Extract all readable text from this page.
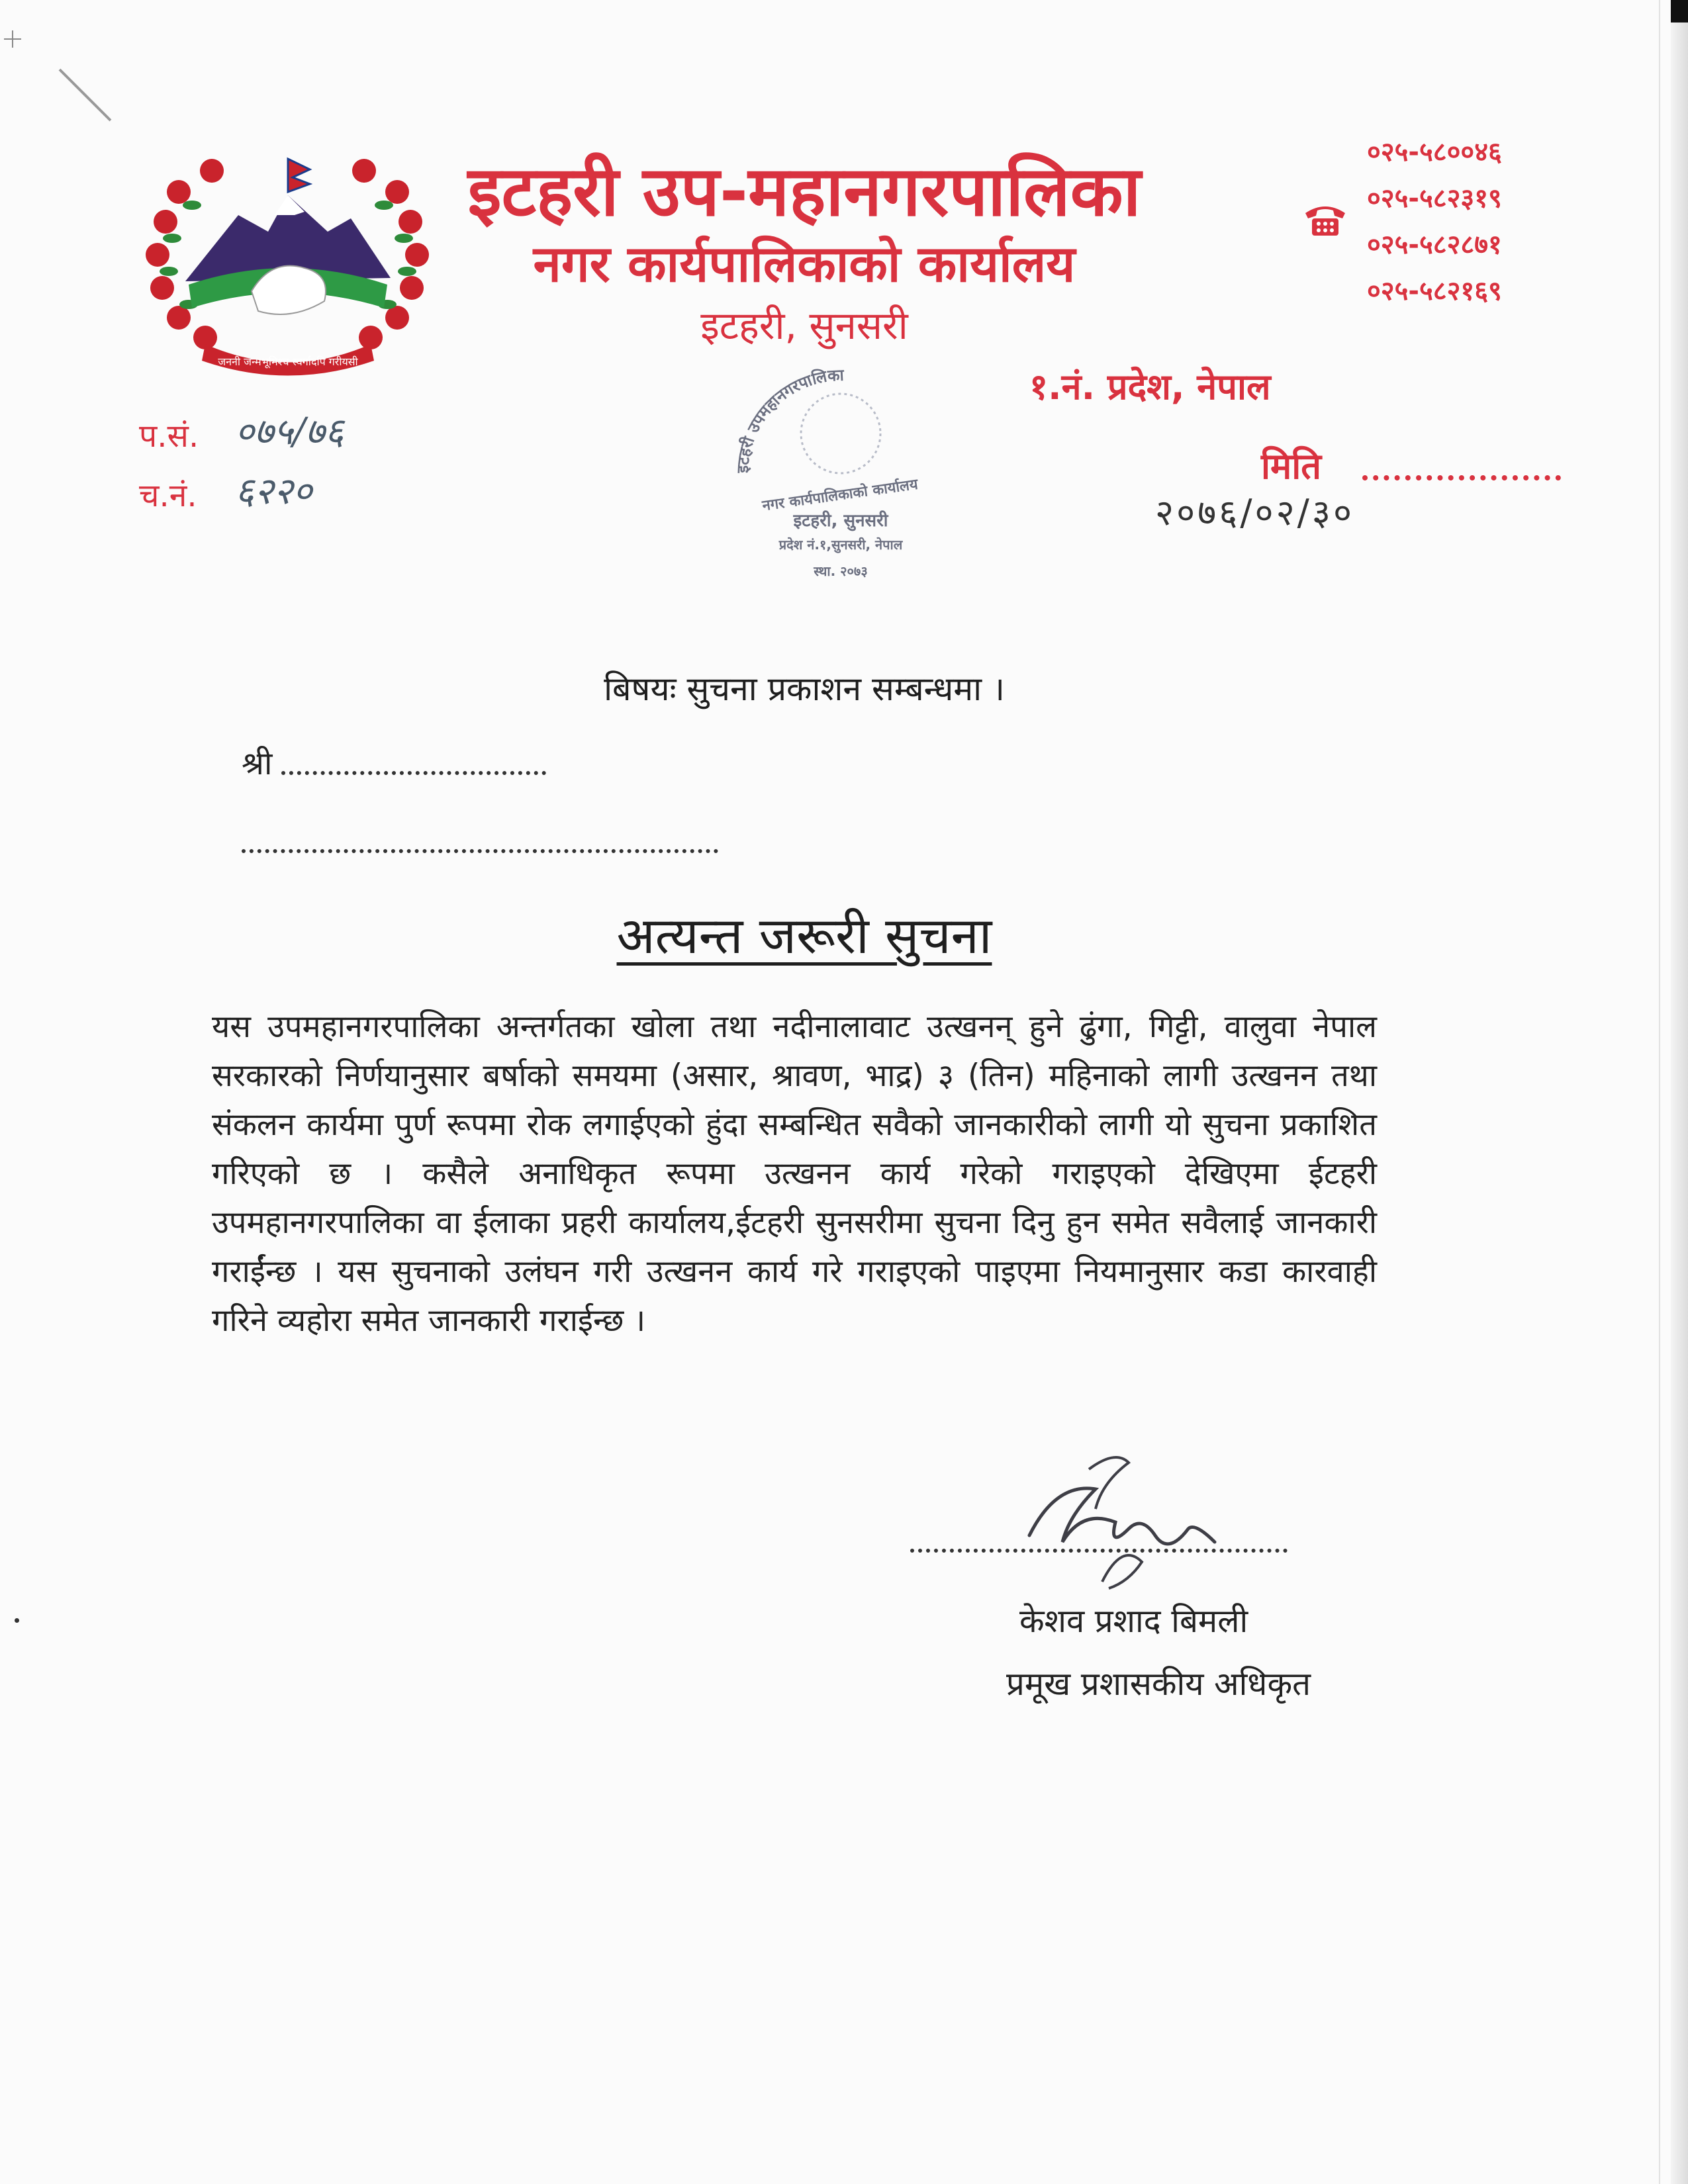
जननी जन्मभूमिश्च स्वर्गादपि गरीयसी
इटहरी उप-महानगरपालिका
नगर कार्यपालिकाको कार्यालय
इटहरी, सुनसरी
०२५-५८००४६
०२५-५८२३१९
०२५-५८२८७१
०२५-५८२१६९
१.नं. प्रदेश, नेपाल
प.सं. ०७५/७६
च.नं. ६२२०
इटहरी उपमहानगरपालिका
नगर कार्यपालिकाको कार्यालय
इटहरी, सुनसरी
प्रदेश नं.१,सुनसरी, नेपाल
स्था. २०७३
मिति
२०७६/०२/३०
बिषयः सुचना प्रकाशन सम्बन्धमा ।
श्री
अत्यन्त जरूरी सुचना
यस उपमहानगरपालिका अन्तर्गतका खोला तथा नदीनालावाट उत्खनन् हुने ढुंगा, गिट्टी, वालुवा नेपाल सरकारको निर्णयानुसार बर्षाको समयमा (असार, श्रावण, भाद्र) ३ (तिन) महिनाको लागी उत्खनन तथा संकलन कार्यमा पुर्ण रूपमा रोक लगाईएको हुंदा सम्बन्धित सवैको जानकारीको लागी यो सुचना प्रकाशित गरिएको छ । कसैले अनाधिकृत रूपमा उत्खनन कार्य गरेको गराइएको देखिएमा ईटहरी उपमहानगरपालिका वा ईलाका प्रहरी कार्यालय,ईटहरी सुनसरीमा सुचना दिनु हुन समेत सवैलाई जानकारी गराईंन्छ । यस सुचनाको उलंघन गरी उत्खनन कार्य गरे गराइएको पाइएमा नियमानुसार कडा कारवाही गरिने व्यहोरा समेत जानकारी गराईन्छ ।
केशव प्रशाद बिमली
प्रमूख प्रशासकीय अधिकृत
